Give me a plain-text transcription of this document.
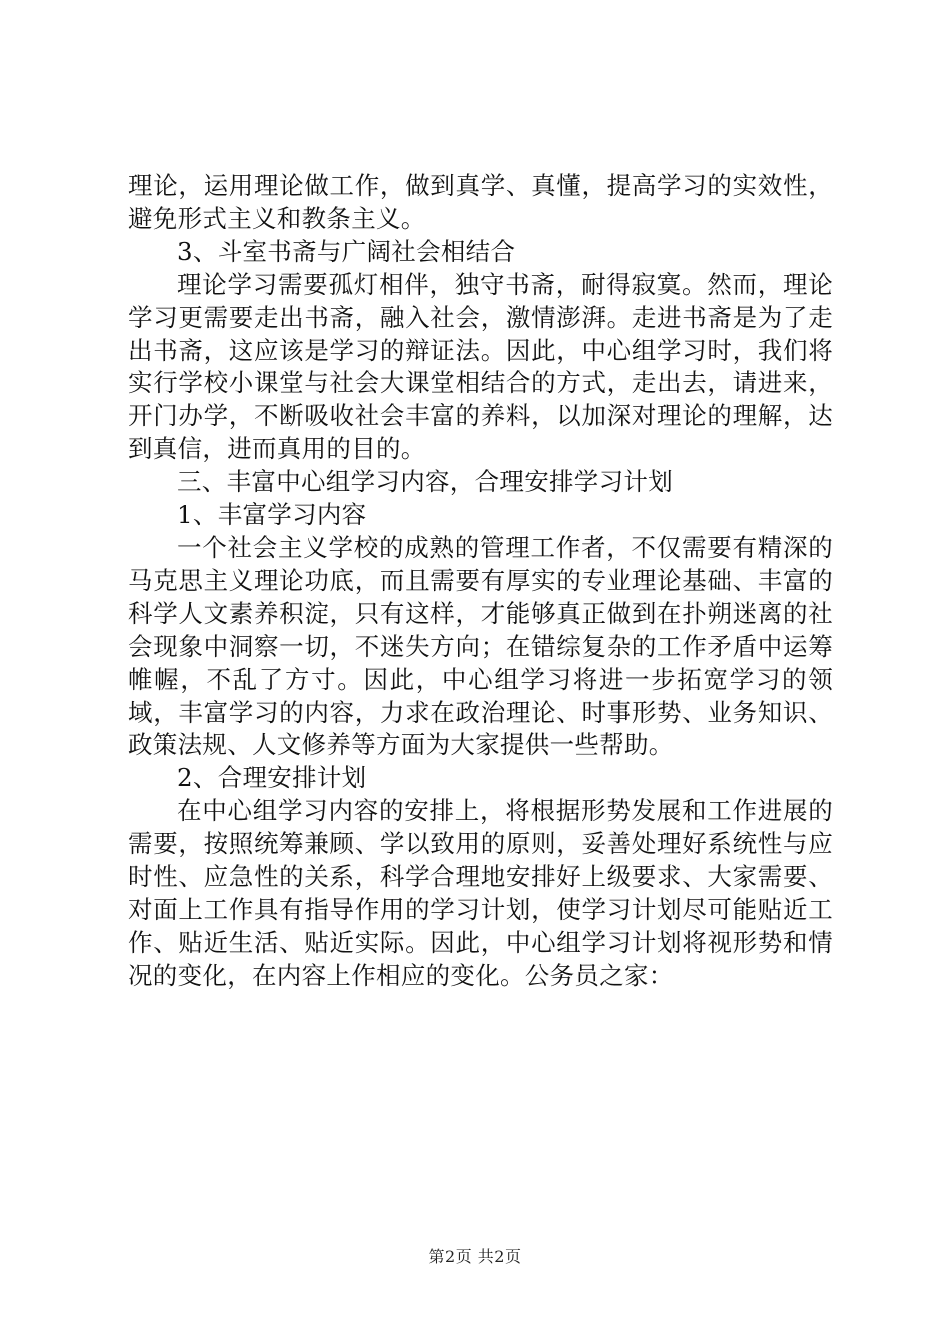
理论，运用理论做工作，做到真学、真懂，提高学习的实效性，避免形式主义和教条主义。

3、斗室书斋与广阔社会相结合

理论学习需要孤灯相伴，独守书斋，耐得寂寞。然而，理论学习更需要走出书斋，融入社会，激情澎湃。走进书斋是为了走出书斋，这应该是学习的辩证法。因此，中心组学习时，我们将实行学校小课堂与社会大课堂相结合的方式，走出去，请进来，开门办学，不断吸收社会丰富的养料，以加深对理论的理解，达到真信，进而真用的目的。

三、丰富中心组学习内容，合理安排学习计划

1、丰富学习内容

一个社会主义学校的成熟的管理工作者，不仅需要有精深的马克思主义理论功底，而且需要有厚实的专业理论基础、丰富的科学人文素养积淀，只有这样，才能够真正做到在扑朔迷离的社会现象中洞察一切，不迷失方向；在错综复杂的工作矛盾中运筹帷幄，不乱了方寸。因此，中心组学习将进一步拓宽学习的领域，丰富学习的内容，力求在政治理论、时事形势、业务知识、政策法规、人文修养等方面为大家提供一些帮助。

2、合理安排计划

在中心组学习内容的安排上，将根据形势发展和工作进展的需要，按照统筹兼顾、学以致用的原则，妥善处理好系统性与应时性、应急性的关系，科学合理地安排好上级要求、大家需要、对面上工作具有指导作用的学习计划，使学习计划尽可能贴近工作、贴近生活、贴近实际。因此，中心组学习计划将视形势和情况的变化，在内容上作相应的变化。公务员之家：

第2页 共2页
